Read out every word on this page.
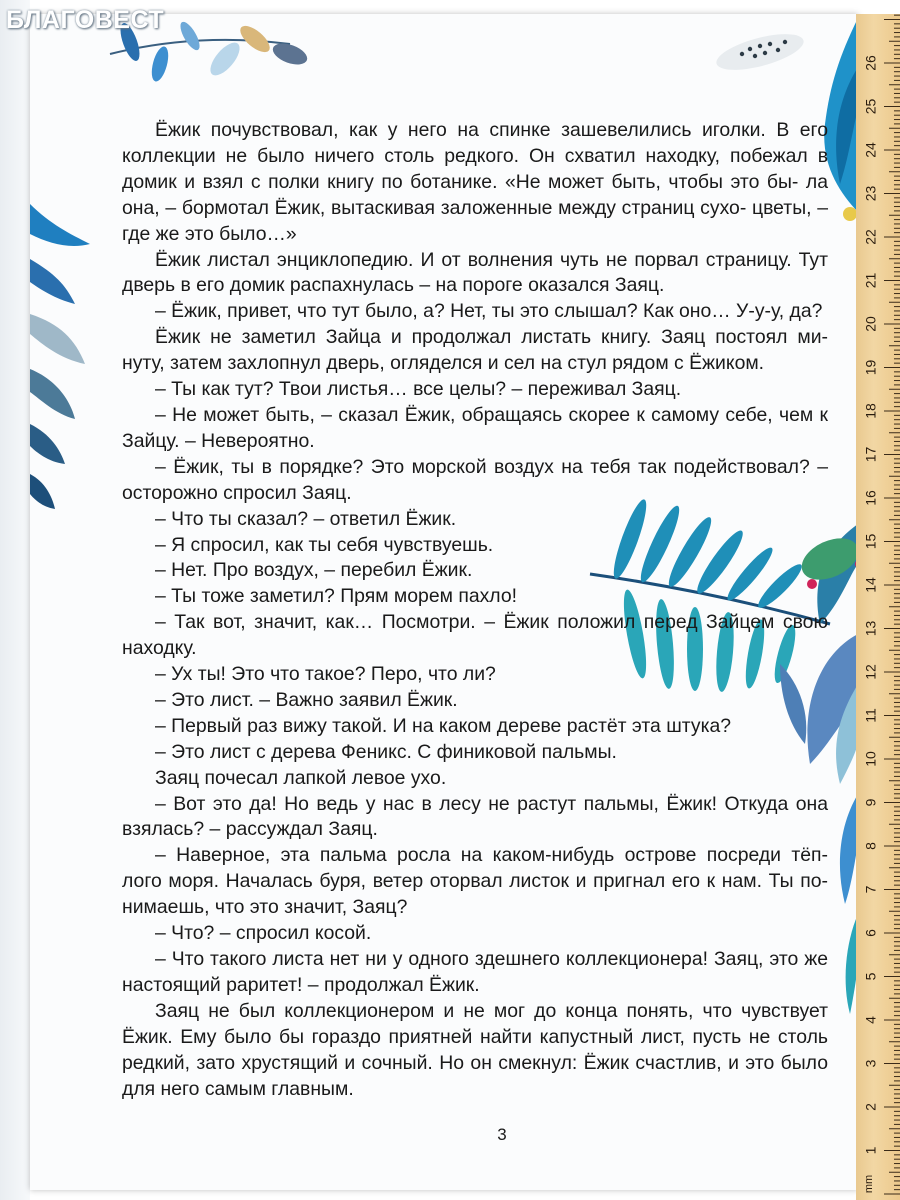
3
БЛАГОВЕСТ

Ёжик почувствовал, как у него на спинке зашевелились иголки. В его коллекции не было ничего столь редкого. Он схватил находку, побежал в домик и взял с полки книгу по ботанике. «Не может быть, чтобы это бы- ла она, – бормотал Ёжик, вытаскивая заложенные между страниц сухо- цветы, – где же это было…»

Ёжик листал энциклопедию. И от волнения чуть не порвал страницу. Тут дверь в его домик распахнулась – на пороге оказался Заяц.

– Ёжик, привет, что тут было, а? Нет, ты это слышал? Как оно… У-у-у, да?

Ёжик не заметил Зайца и продолжал листать книгу. Заяц постоял ми- нуту, затем захлопнул дверь, огляделся и сел на стул рядом с Ёжиком.

– Ты как тут? Твои листья… все целы? – переживал Заяц.

– Не может быть, – сказал Ёжик, обращаясь скорее к самому себе, чем к Зайцу. – Невероятно.

– Ёжик, ты в порядке? Это морской воздух на тебя так подействовал? – осторожно спросил Заяц.

– Что ты сказал? – ответил Ёжик.

– Я спросил, как ты себя чувствуешь.

– Нет. Про воздух, – перебил Ёжик.

– Ты тоже заметил? Прям морем пахло!

– Так вот, значит, как… Посмотри. – Ёжик положил перед Зайцем свою находку.

– Ух ты! Это что такое? Перо, что ли?

– Это лист. – Важно заявил Ёжик.

– Первый раз вижу такой. И на каком дереве растёт эта штука?

– Это лист с дерева Феникс. С финиковой пальмы.

Заяц почесал лапкой левое ухо.

– Вот это да! Но ведь у нас в лесу не растут пальмы, Ёжик! Откуда она взялась? – рассуждал Заяц.

– Наверное, эта пальма росла на каком-нибудь острове посреди тёп- лого моря. Началась буря, ветер оторвал листок и пригнал его к нам. Ты по- нимаешь, что это значит, Заяц?

– Что? – спросил косой.

– Что такого листа нет ни у одного здешнего коллекционера! Заяц, это же настоящий раритет! – продолжал Ёжик.

Заяц не был коллекционером и не мог до конца понять, что чувствует Ёжик. Ему было бы гораздо приятней найти капустный лист, пусть не столь редкий, зато хрустящий и сочный. Но он смекнул: Ёжик счастлив, и это было для него самым главным.

1
2
3
4
5
6
7
8
9
10
11
12
13
14
15
16
17
18
19
20
21
22
23
24
25
26
mm
